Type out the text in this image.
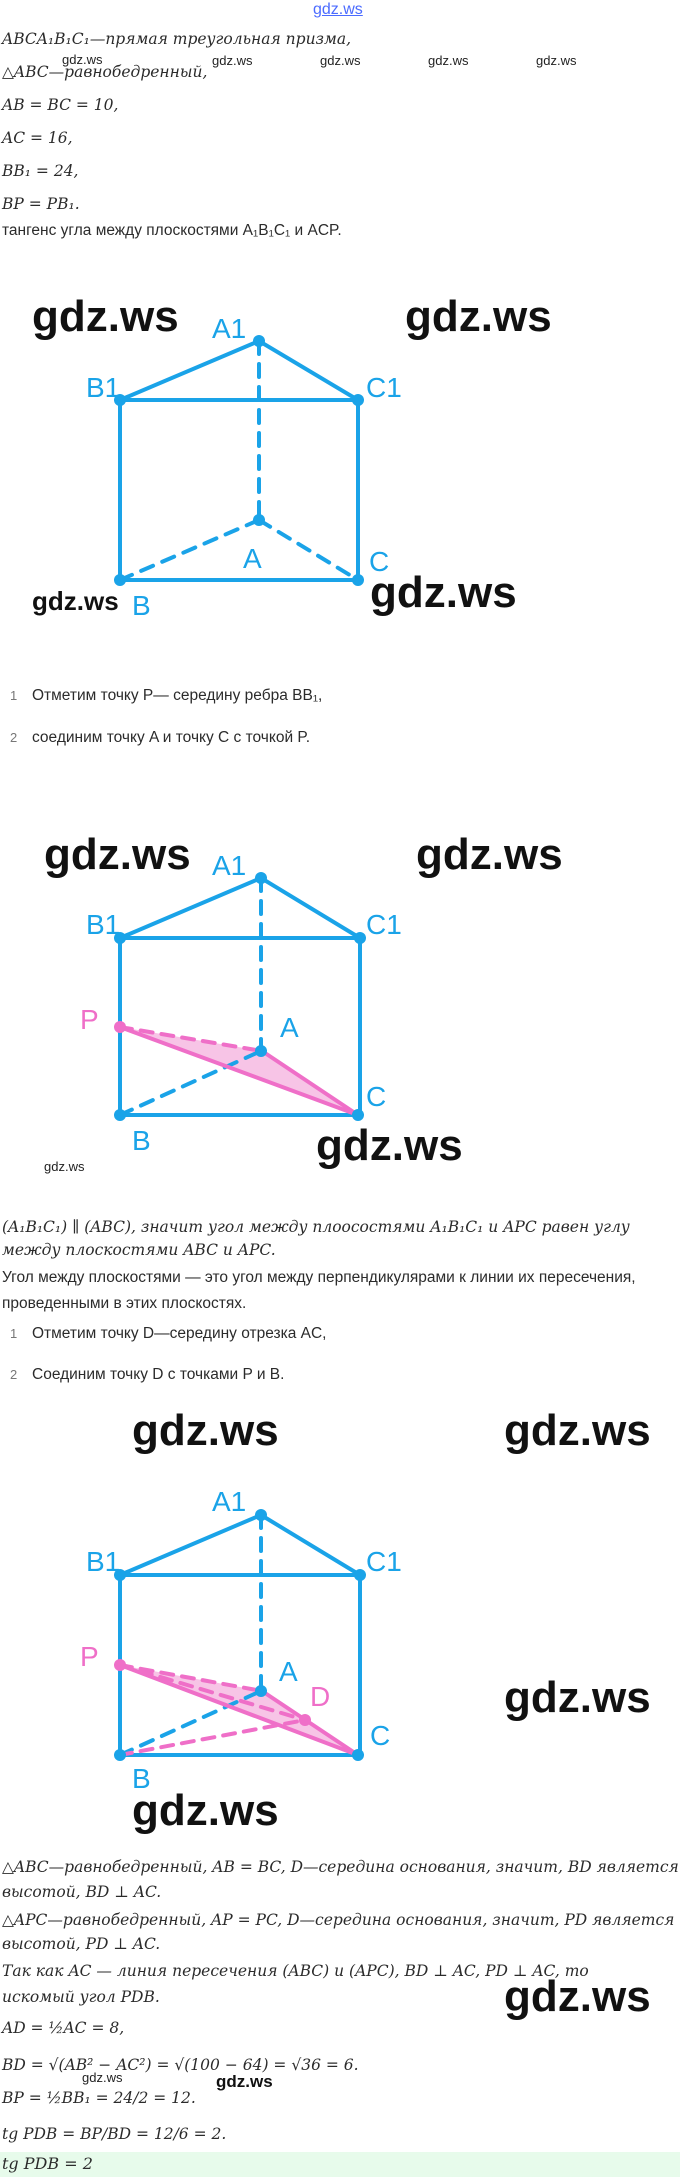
gdz.ws
ABCA₁B₁C₁—прямая треугольная призма,
△ABC—равнобедренный,
AB = BC = 10,
AC = 16,
BB₁ = 24,
BP = PB₁.
тангенс угла между плоскостями A₁B₁C₁ и ACP.
gdz.ws	gdz.ws	gdz.ws	gdz.ws	gdz.ws
A1
B1	C1
A
B
C
gdz.ws	gdz.ws
gdz.ws
gdz.ws
1 Отметим точку P— середину ребра BB₁,
2 соединим точку A и точку C с точкой P.
A1
B1	C1
A
B
C
P
gdz.ws	gdz.ws
gdz.ws
gdz.ws
(A₁B₁C₁) ∥ (ABC), значит угол между плоосостями A₁B₁C₁ и APC равен углу
между плоскостями ABC и APC.
Угол между плоскостями — это угол между перпендикулярами к линии их пересечения,
проведенными в этих плоскостях.
1 Отметим точку D—середину отрезка AC,
2 Соединим точку D с точками P и B.
gdz.ws	gdz.ws
gdz.ws
gdz.ws
A1
B1	C1
A
B
C
P
D
△ABC—равнобедренный, AB = BC, D—середина основания, значит, BD является
высотой, BD ⊥ AC.
△APC—равнобедренный, AP = PC, D—середина основания, значит, PD является
высотой, PD ⊥ AC.
Так как AC — линия пересечения (ABC) и (APC), BD ⊥ AC, PD ⊥ AC, то
искомый угол PDB.
AD = ½AC = 8,
BD = √(AB² − AC²) = √(100 − 64) = √36 = 6.
BP = ½BB₁ = 24/2 = 12.
tg PDB = BP/BD = 12/6 = 2.
gdz.ws
gdz.ws	gdz.ws
tg PDB = 2
